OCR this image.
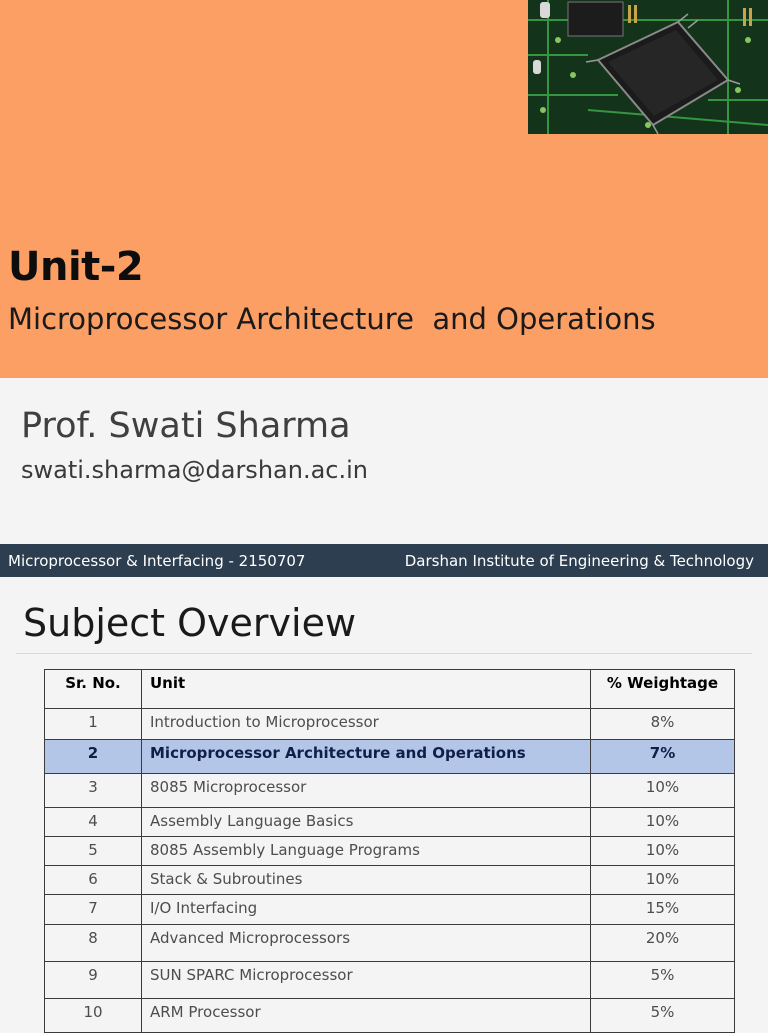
Unit-2
Microprocessor Architecture  and Operations
Prof. Swati Sharma
swati.sharma@darshan.ac.in
Microprocessor & Interfacing - 2150707	Darshan Institute of Engineering & Technology
Subject Overview
Sr. No.	Unit	% Weightage
1	Introduction to Microprocessor	8%
2	Microprocessor Architecture and Operations	7%
3	8085 Microprocessor	10%
4	Assembly Language Basics	10%
5	8085 Assembly Language Programs	10%
6	Stack & Subroutines	10%
7	I/O Interfacing	15%
8	Advanced Microprocessors	20%
9	SUN SPARC Microprocessor	5%
10	ARM Processor	5%
